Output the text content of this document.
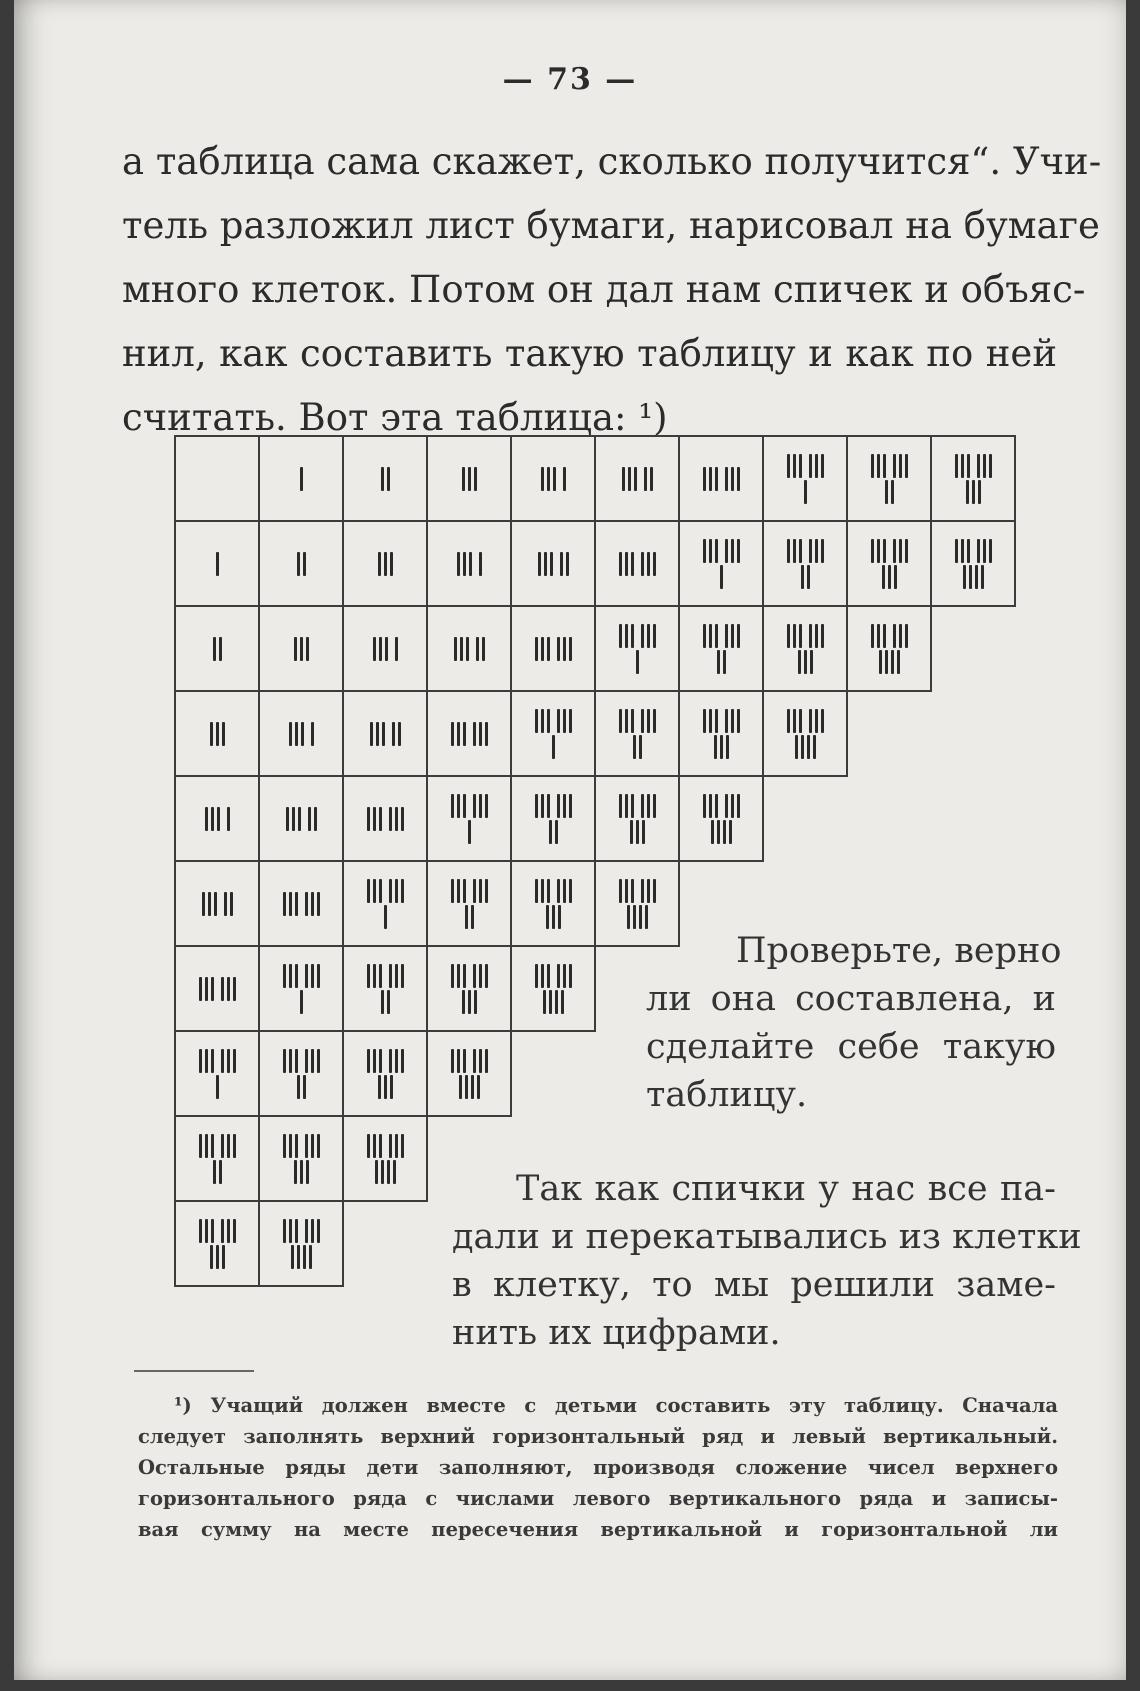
— 73 —

а таблица сама скажет, сколько получится“. Учи-
тель разложил лист бумаги, нарисовал на бумаге
много клеток. Потом он дал нам спичек и объяс-
нил, как составить такую таблицу и как по ней
считать. Вот эта таблица: ¹)

Проверьте, верно
ли она составлена, и
сделайте себе такую
таблицу.

Так как спички у нас все па-
дали и перекатывались из клетки
в клетку, то мы решили заме-
нить их цифрами.

¹) Учащий должен вместе с детьми составить эту таблицу. Сначала
следует заполнять верхний горизонтальный ряд и левый вертикальный.
Остальные ряды дети заполняют, производя сложение чисел верхнего
горизонтального ряда с числами левого вертикального ряда и записы-
вая сумму на месте пересечения вертикальной и горизонтальной ли
